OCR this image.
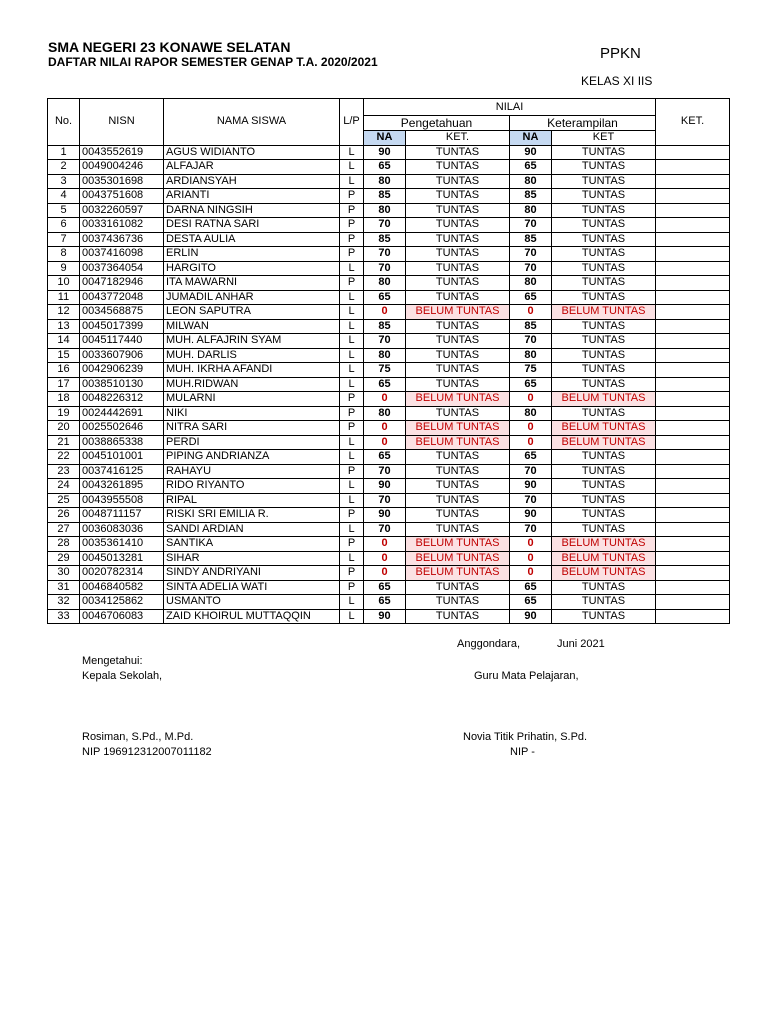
SMA NEGERI 23 KONAWE SELATAN
DAFTAR NILAI RAPOR SEMESTER GENAP T.A. 2020/2021	PPKN
KELAS XI IIS
No.	NISN	NAMA SISWA	L/P	NILAI				KET.
				Pengetahuan		Keterampilan		
				NA	KET.	NA	KET	
1	0043552619	AGUS WIDIANTO	L	90	TUNTAS	90	TUNTAS	
2	0049004246	ALFAJAR	L	65	TUNTAS	65	TUNTAS	
3	0035301698	ARDIANSYAH	L	80	TUNTAS	80	TUNTAS	
4	0043751608	ARIANTI	P	85	TUNTAS	85	TUNTAS	
5	0032260597	DARNA NINGSIH	P	80	TUNTAS	80	TUNTAS	
6	0033161082	DESI RATNA SARI	P	70	TUNTAS	70	TUNTAS	
7	0037436736	DESTA AULIA	P	85	TUNTAS	85	TUNTAS	
8	0037416098	ERLIN	P	70	TUNTAS	70	TUNTAS	
9	0037364054	HARGITO	L	70	TUNTAS	70	TUNTAS	
10	0047182946	ITA MAWARNI	P	80	TUNTAS	80	TUNTAS	
11	0043772048	JUMADIL ANHAR	L	65	TUNTAS	65	TUNTAS	
12	0034568875	LEON SAPUTRA	L	0	BELUM TUNTAS	0	BELUM TUNTAS	
13	0045017399	MILWAN	L	85	TUNTAS	85	TUNTAS	
14	0045117440	MUH. ALFAJRIN SYAM	L	70	TUNTAS	70	TUNTAS	
15	0033607906	MUH. DARLIS	L	80	TUNTAS	80	TUNTAS	
16	0042906239	MUH. IKRHA AFANDI	L	75	TUNTAS	75	TUNTAS	
17	0038510130	MUH.RIDWAN	L	65	TUNTAS	65	TUNTAS	
18	0048226312	MULARNI	P	0	BELUM TUNTAS	0	BELUM TUNTAS	
19	0024442691	NIKI	P	80	TUNTAS	80	TUNTAS	
20	0025502646	NITRA SARI	P	0	BELUM TUNTAS	0	BELUM TUNTAS	
21	0038865338	PERDI	L	0	BELUM TUNTAS	0	BELUM TUNTAS	
22	0045101001	PIPING ANDRIANZA	L	65	TUNTAS	65	TUNTAS	
23	0037416125	RAHAYU	P	70	TUNTAS	70	TUNTAS	
24	0043261895	RIDO RIYANTO	L	90	TUNTAS	90	TUNTAS	
25	0043955508	RIPAL	L	70	TUNTAS	70	TUNTAS	
26	0048711157	RISKI SRI EMILIA R.	P	90	TUNTAS	90	TUNTAS	
27	0036083036	SANDI ARDIAN	L	70	TUNTAS	70	TUNTAS	
28	0035361410	SANTIKA	P	0	BELUM TUNTAS	0	BELUM TUNTAS	
29	0045013281	SIHAR	L	0	BELUM TUNTAS	0	BELUM TUNTAS	
30	0020782314	SINDY ANDRIYANI	P	0	BELUM TUNTAS	0	BELUM TUNTAS	
31	0046840582	SINTA ADELIA WATI	P	65	TUNTAS	65	TUNTAS	
32	0034125862	USMANTO	L	65	TUNTAS	65	TUNTAS	
33	0046706083	ZAID KHOIRUL MUTTAQQIN	L	90	TUNTAS	90	TUNTAS	
Anggondara,	Juni 2021
Mengetahui:
Kepala Sekolah,	Guru Mata Pelajaran,
Rosiman, S.Pd., M.Pd.
NIP 196912312007011182
Novia Titik Prihatin, S.Pd.
NIP -
